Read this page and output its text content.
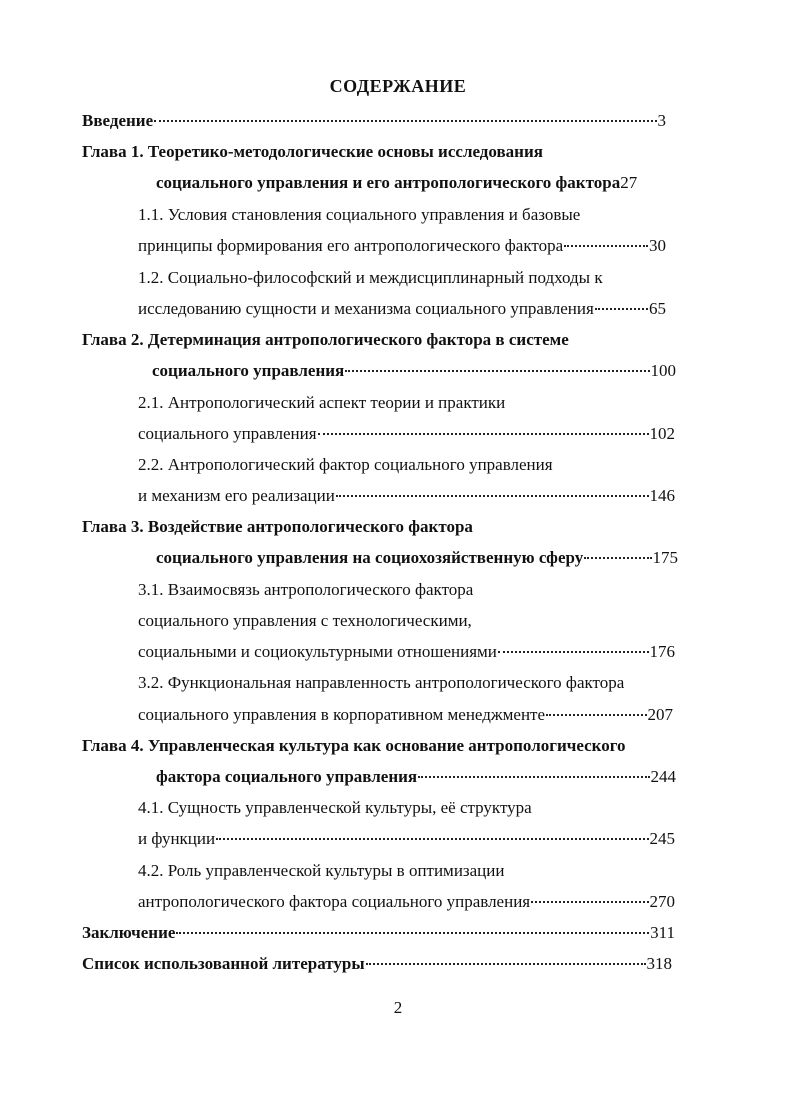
СОДЕРЖАНИЕ
Введение	3
Глава 1. Теоретико-методологические основы исследования
социального управления и его антропологического фактора 27
1.1. Условия становления социального управления и базовые
принципы формирования его антропологического фактора	30
1.2. Социально-философский и междисциплинарный подходы к
исследованию сущности и механизма социального управления	65
Глава 2. Детерминация антропологического фактора в системе
социального управления	100
2.1. Антропологический аспект теории и практики
социального управления	102
2.2. Антропологический фактор социального управления
и механизм его реализации	146
Глава 3. Воздействие антропологического фактора
социального управления на социохозяйственную сферу	175
3.1. Взаимосвязь антропологического фактора
социального управления с технологическими,
социальными и социокультурными отношениями	176
3.2. Функциональная направленность антропологического фактора
социального управления в корпоративном менеджменте	207
Глава 4. Управленческая культура как основание антропологического
фактора социального управления	244
4.1. Сущность управленческой культуры, её структура
и функции	245
4.2. Роль управленческой культуры в оптимизации
антропологического фактора социального управления	270
Заключение	311
Список использованной литературы	318
2
